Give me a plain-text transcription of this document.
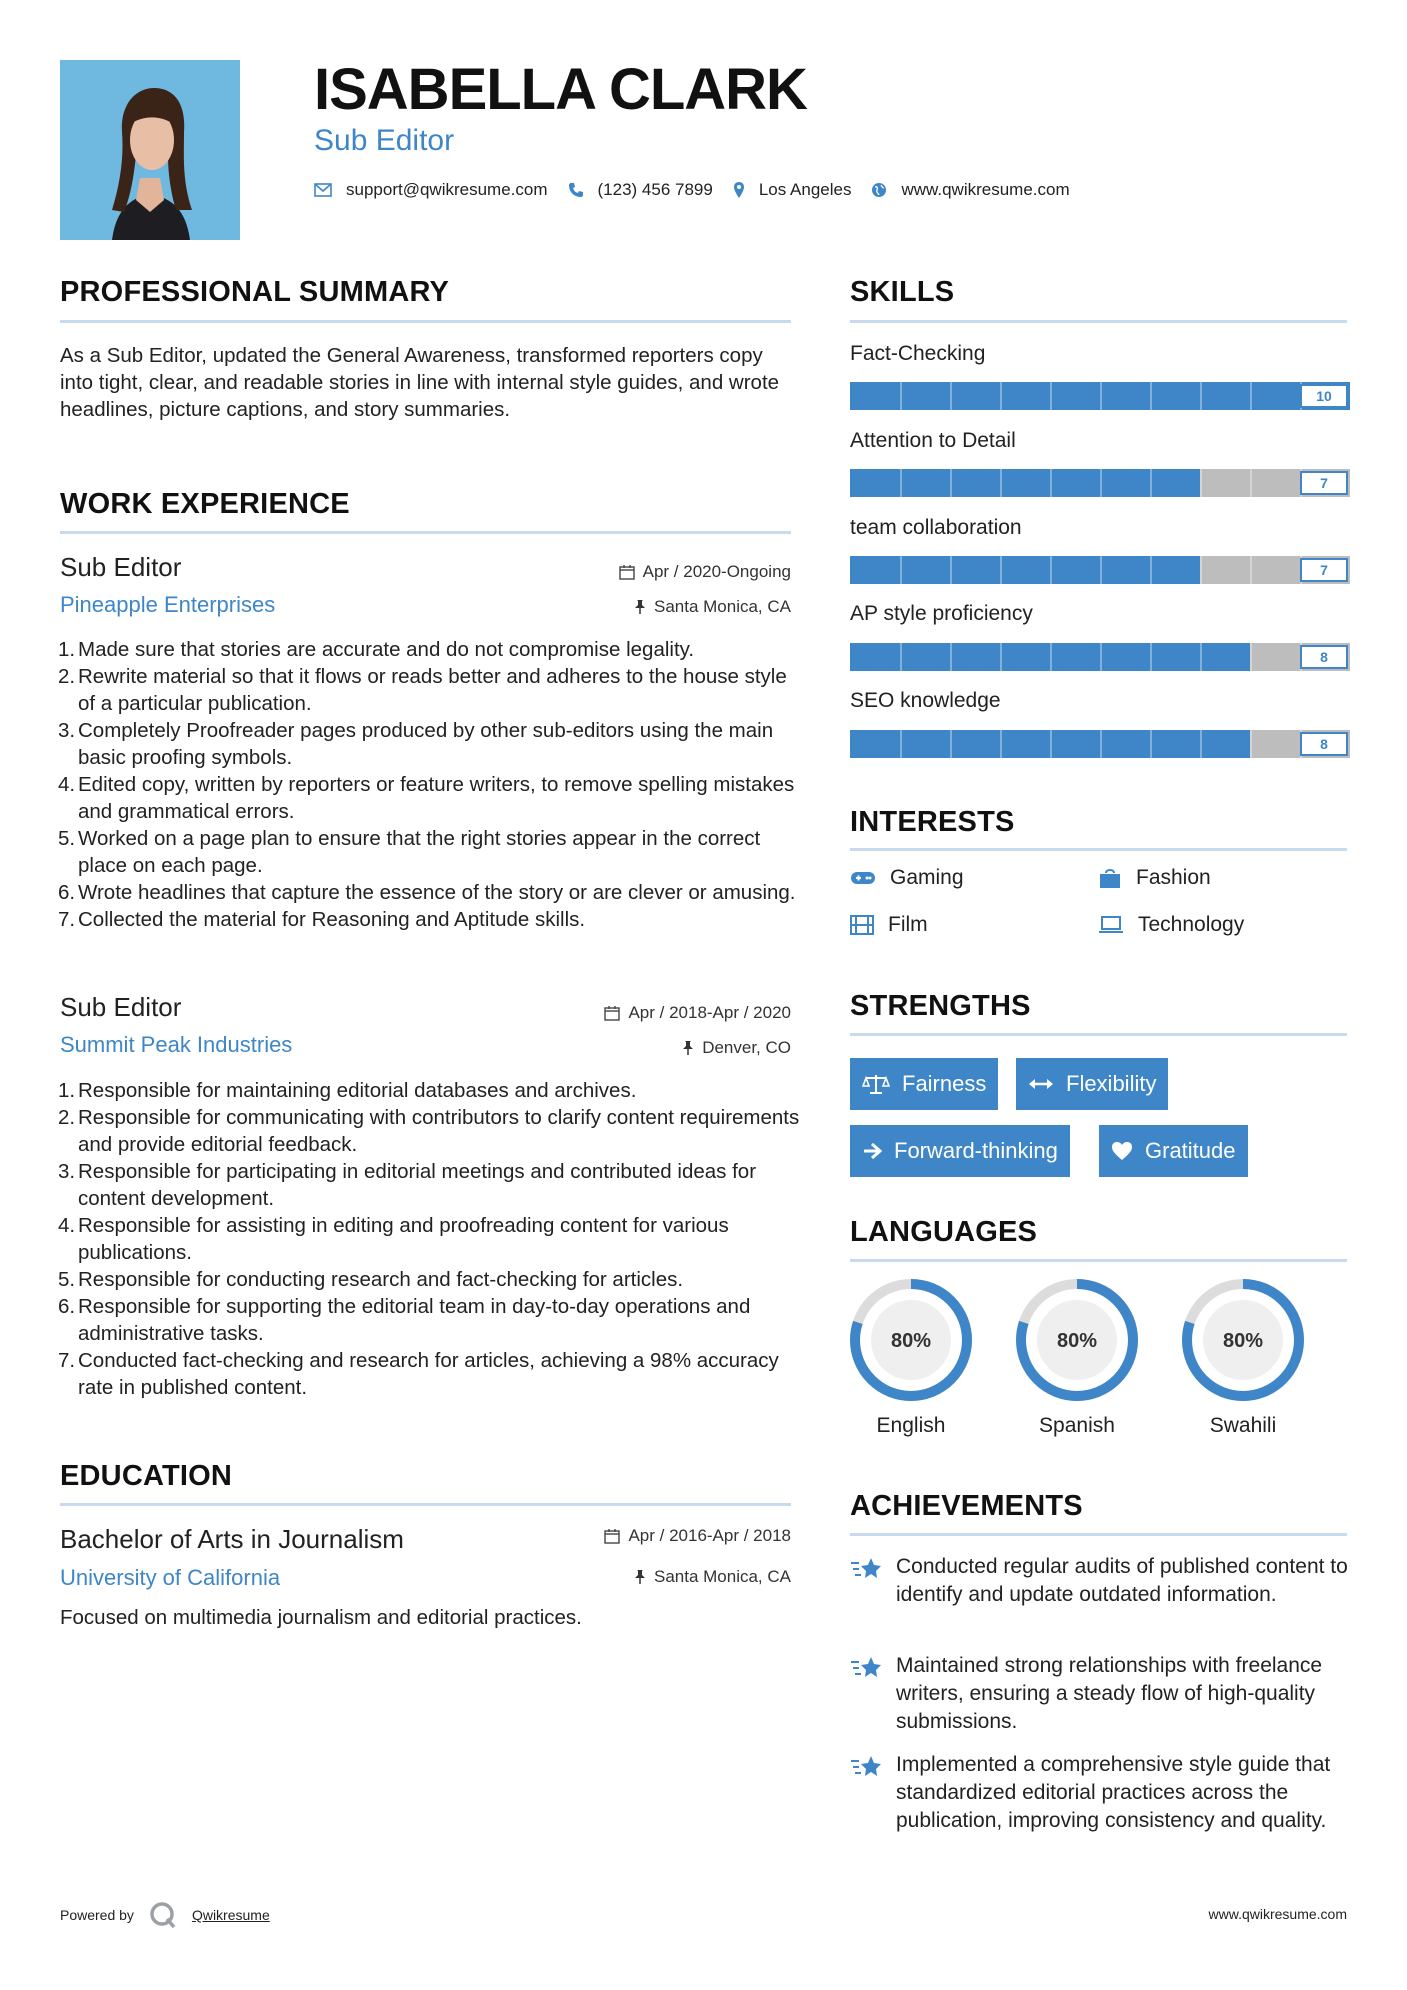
ISABELLA CLARK
Sub Editor
support@qwikresume.com	(123) 456 7899	Los Angeles	www.qwikresume.com
PROFESSIONAL SUMMARY
As a Sub Editor, updated the General Awareness, transformed reporters copy into tight, clear, and readable stories in line with internal style guides, and wrote headlines, picture captions, and story summaries.
WORK EXPERIENCE
Sub Editor	Apr / 2020-Ongoing
Pineapple Enterprises	Santa Monica, CA
Made sure that stories are accurate and do not compromise legality.
Rewrite material so that it flows or reads better and adheres to the house style of a particular publication.
Completely Proofreader pages produced by other sub-editors using the main basic proofing symbols.
Edited copy, written by reporters or feature writers, to remove spelling mistakes and grammatical errors.
Worked on a page plan to ensure that the right stories appear in the correct place on each page.
Wrote headlines that capture the essence of the story or are clever or amusing.
Collected the material for Reasoning and Aptitude skills.
Sub Editor	Apr / 2018-Apr / 2020
Summit Peak Industries	Denver, CO
Responsible for maintaining editorial databases and archives.
Responsible for communicating with contributors to clarify content requirements and provide editorial feedback.
Responsible for participating in editorial meetings and contributed ideas for content development.
Responsible for assisting in editing and proofreading content for various publications.
Responsible for conducting research and fact-checking for articles.
Responsible for supporting the editorial team in day-to-day operations and administrative tasks.
Conducted fact-checking and research for articles, achieving a 98% accuracy rate in published content.
EDUCATION
Bachelor of Arts in Journalism	Apr / 2016-Apr / 2018
University of California	Santa Monica, CA
Focused on multimedia journalism and editorial practices.
SKILLS
Fact-Checking
10
Attention to Detail
7
team collaboration
7
AP style proficiency
8
SEO knowledge
8
INTERESTS
Gaming	Fashion
Film	Technology
STRENGTHS
Fairness	Flexibility
Forward-thinking	Gratitude
LANGUAGES
80%
English
80%
Spanish
80%
Swahili
ACHIEVEMENTS
Conducted regular audits of published content to identify and update outdated information.
Maintained strong relationships with freelance writers, ensuring a steady flow of high-quality submissions.
Implemented a comprehensive style guide that standardized editorial practices across the publication, improving consistency and quality.
Powered by	Qwikresume	www.qwikresume.com
